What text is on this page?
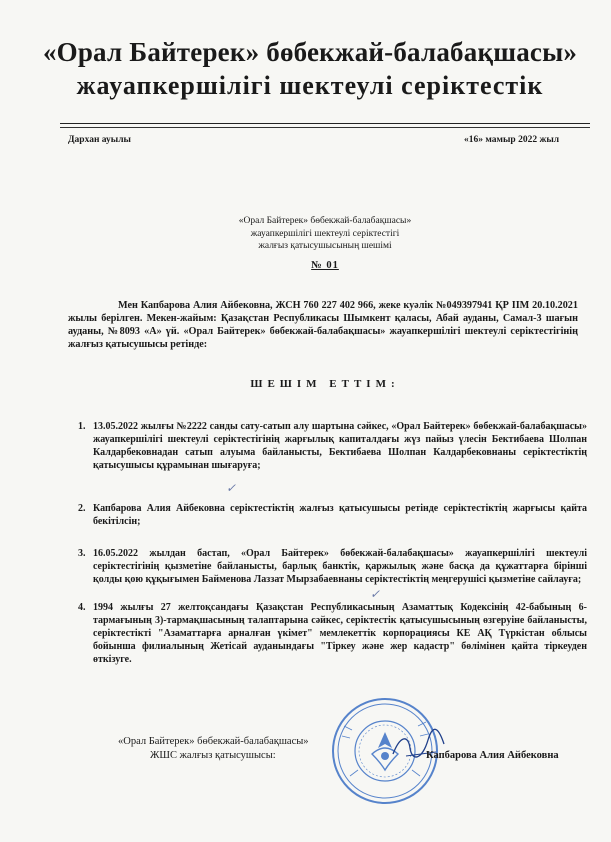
«Орал Байтерек» бөбекжай-балабақшасы»
жауапкершілігі шектеулі серіктестік
Дархан ауылы	«16» мамыр 2022 жыл
«Орал Байтерек» бөбекжай-балабақшасы»
жауапкершілігі шектеулі серіктестігі
жалғыз қатысушысының шешімі
№ 01
Мен Капбарова Алия Айбековна, ЖСН 760 227 402 966, жеке куәлік №049397941 ҚР ІІМ 20.10.2021 жылы берілген. Мекен-жайым: Қазақстан Республикасы Шымкент қаласы, Абай ауданы, Самал-3 шағын ауданы, №8093 «А» үй. «Орал Байтерек» бөбекжай-балабақшасы» жауапкершілігі шектеулі серіктестігінің жалғыз қатысушысы ретінде:
ШЕШІМ ЕТТІМ:
1. 13.05.2022 жылғы №2222 санды сату-сатып алу шартына сәйкес, «Орал Байтерек» бөбекжай-балабақшасы» жауапкершілігі шектеулі серіктестігінің жарғылық капиталдағы жүз пайыз үлесін Бектибаева Шолпан Калдарбековнадан сатып алуыма байланысты, Бектибаева Шолпан Калдарбековнаны серіктестіктің қатысушысы құрамынан шығаруға;
2. Капбарова Алия Айбековна серіктестіктің жалғыз қатысушысы ретінде серіктестіктің жарғысы қайта бекітілсін;
3. 16.05.2022 жылдан бастап, «Орал Байтерек» бөбекжай-балабақшасы» жауапкершілігі шектеулі серіктестігінің қызметіне байланысты, барлық банктік, қаржылық және басқа да құжаттарға бірінші қолды қою құқығымен Байменова Лаззат Мырзабаевнаны серіктестіктің меңгерушісі қызметіне сайлауға;
4. 1994 жылғы 27 желтоқсандағы Қазақстан Республикасының Азаматтық Кодексінің 42-бабының 6-тармағының 3)-тармақшасының талаптарына сәйкес, серіктестік қатысушысының өзгеруіне байланысты, серіктестікті "Азаматтарға арналған үкімет" мемлекеттік корпорациясы КЕ АҚ Түркістан облысы бойынша филиалының Жетісай ауданындағы "Тіркеу және жер кадастр" бөлімінен қайта тіркеуден өткізуге.
✓
✓
«Орал Байтерек» бөбекжай-балабақшасы»
ЖШС жалғыз қатысушысы:	Капбарова Алия Айбековна
